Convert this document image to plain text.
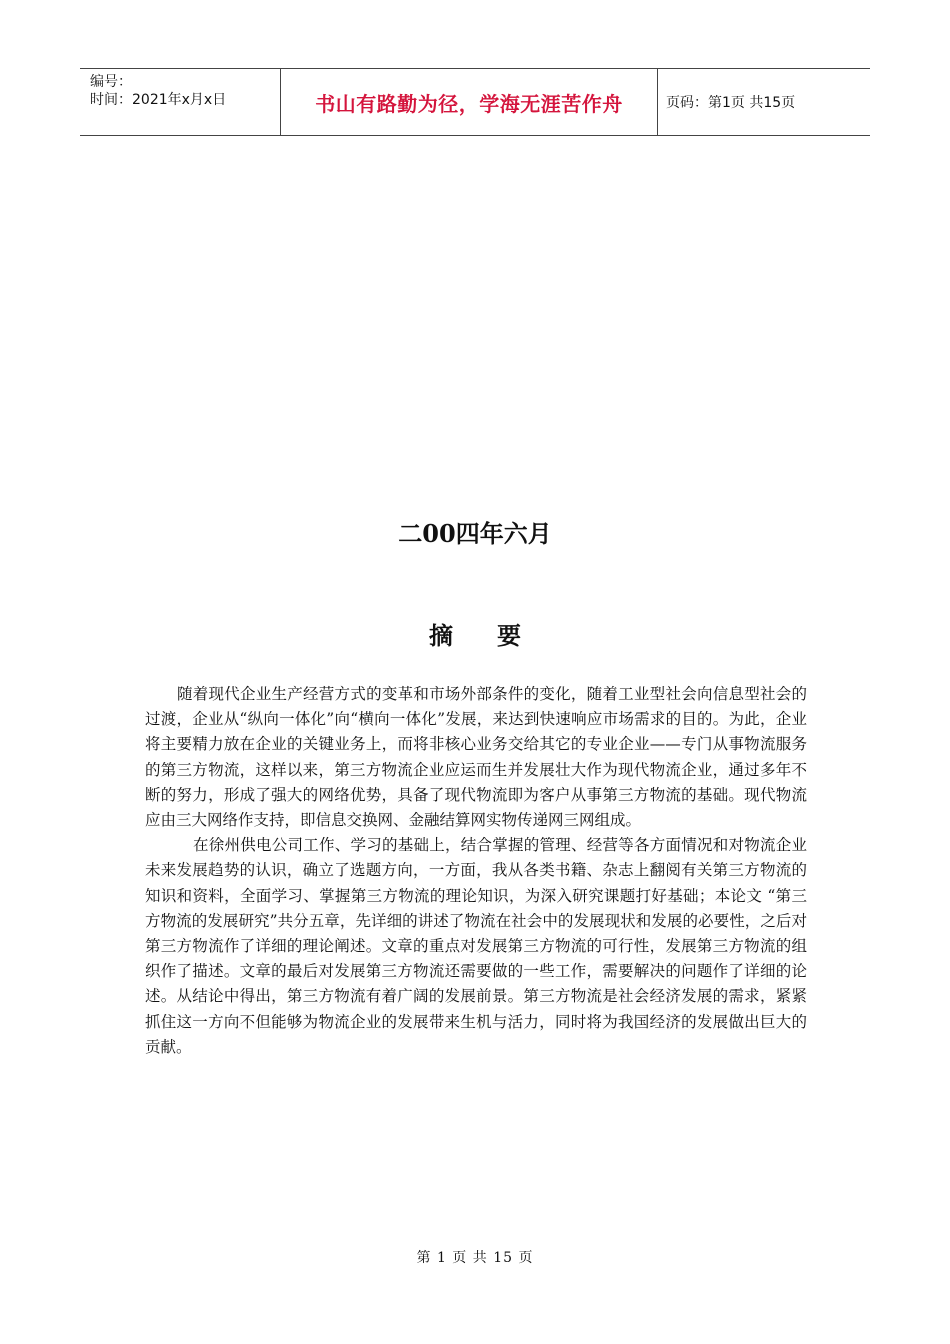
编号：
时间：2021年x月x日	书山有路勤为径，学海无涯苦作舟	页码：第1页 共15页
二00四年六月
摘要

随着现代企业生产经营方式的变革和市场外部条件的变化，随着工业型社会向信息型社会的过渡，企业从“纵向一体化”向“横向一体化”发展，来达到快速响应市场需求的目的。为此，企业将主要精力放在企业的关键业务上，而将非核心业务交给其它的专业企业——专门从事物流服务的第三方物流，这样以来，第三方物流企业应运而生并发展壮大作为现代物流企业，通过多年不断的努力，形成了强大的网络优势，具备了现代物流即为客户从事第三方物流的基础。现代物流应由三大网络作支持，即信息交换网、金融结算网实物传递网三网组成。

在徐州供电公司工作、学习的基础上，结合掌握的管理、经营等各方面情况和对物流企业未来发展趋势的认识，确立了选题方向，一方面，我从各类书籍、杂志上翻阅有关第三方物流的知识和资料，全面学习、掌握第三方物流的理论知识，为深入研究课题打好基础；本论文 “第三方物流的发展研究”共分五章，先详细的讲述了物流在社会中的发展现状和发展的必要性，之后对第三方物流作了详细的理论阐述。文章的重点对发展第三方物流的可行性，发展第三方物流的组织作了描述。文章的最后对发展第三方物流还需要做的一些工作，需要解决的问题作了详细的论述。从结论中得出，第三方物流有着广阔的发展前景。第三方物流是社会经济发展的需求，紧紧抓住这一方向不但能够为物流企业的发展带来生机与活力，同时将为我国经济的发展做出巨大的贡献。

第 1 页 共 15 页
